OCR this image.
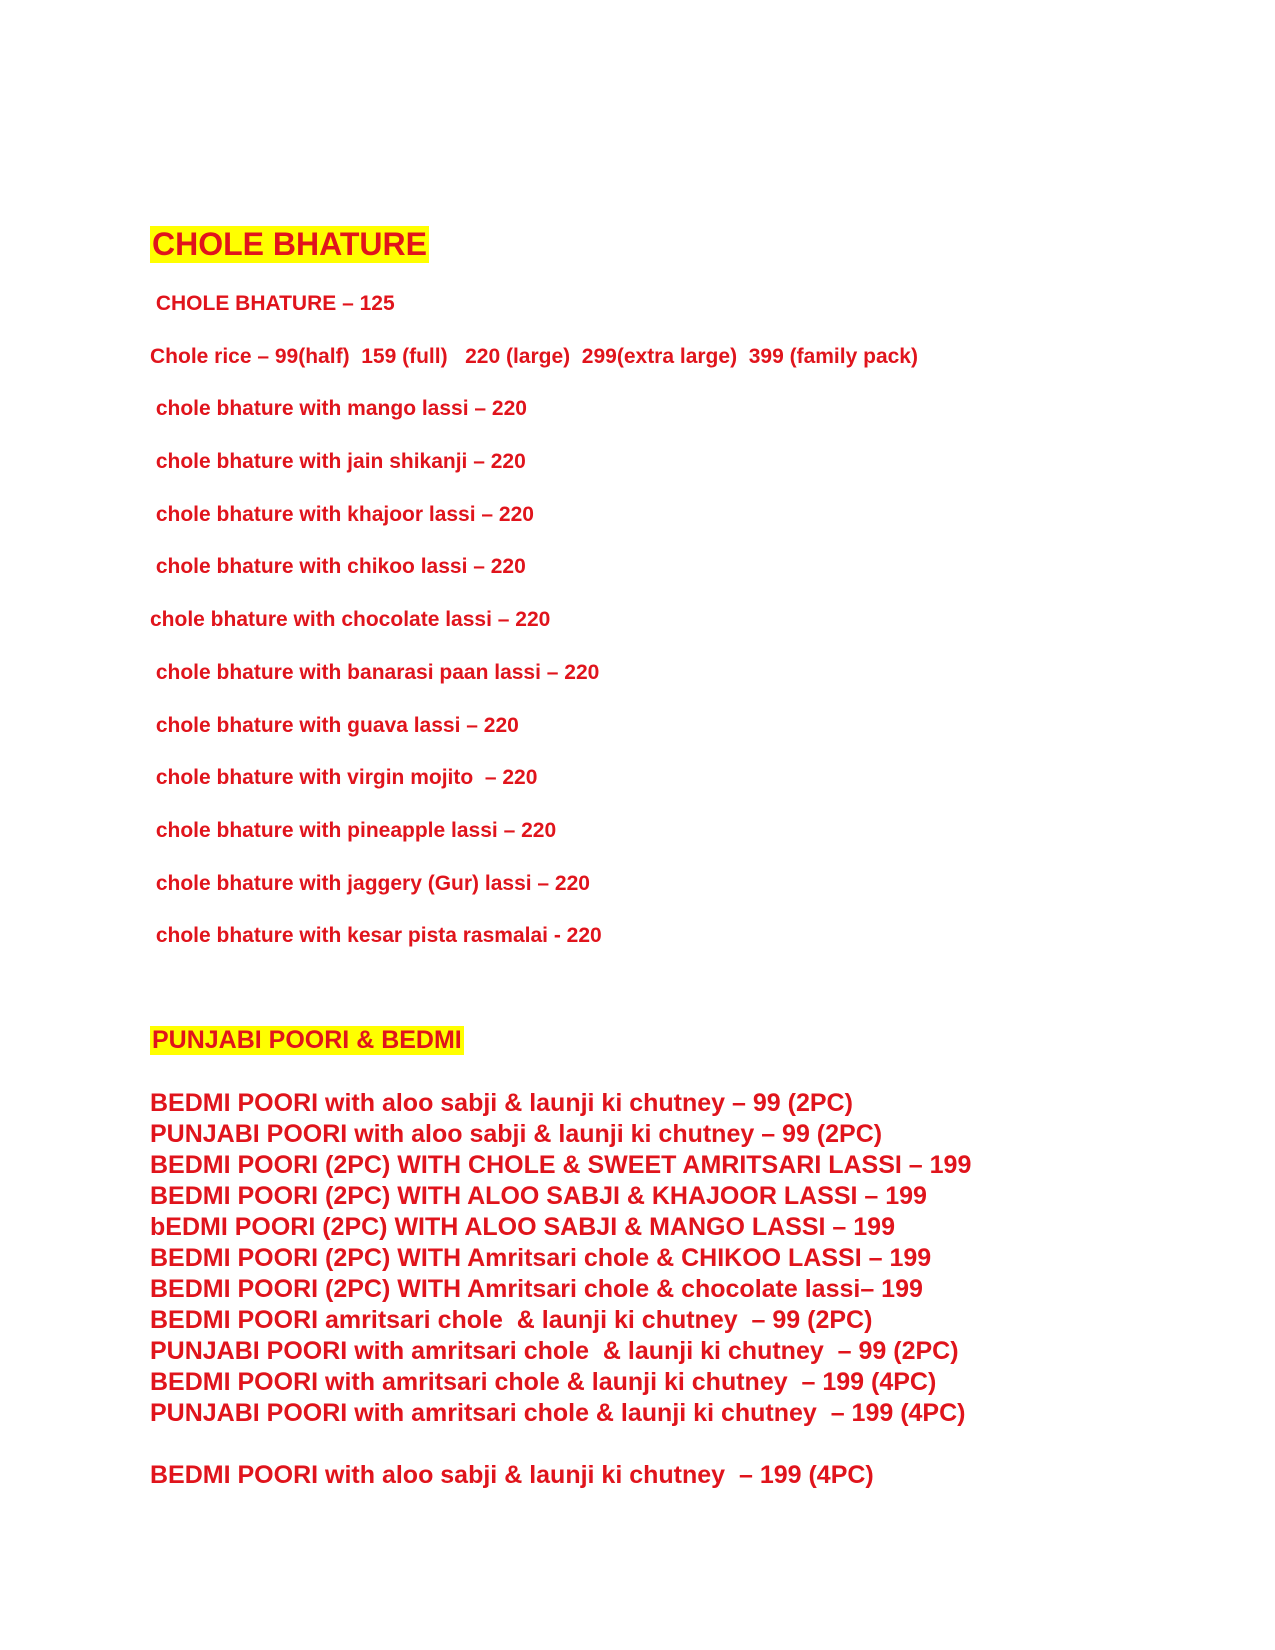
CHOLE BHATURE
CHOLE BHATURE – 125
Chole rice – 99(half)  159 (full)   220 (large)  299(extra large)  399 (family pack)
chole bhature with mango lassi – 220
chole bhature with jain shikanji – 220
chole bhature with khajoor lassi – 220
chole bhature with chikoo lassi – 220
chole bhature with chocolate lassi – 220
chole bhature with banarasi paan lassi – 220
chole bhature with guava lassi – 220
chole bhature with virgin mojito  – 220
chole bhature with pineapple lassi – 220
chole bhature with jaggery (Gur) lassi – 220
chole bhature with kesar pista rasmalai - 220
PUNJABI POORI & BEDMI
BEDMI POORI with aloo sabji & launji ki chutney – 99 (2PC)
PUNJABI POORI with aloo sabji & launji ki chutney – 99 (2PC)
BEDMI POORI (2PC) WITH CHOLE & SWEET AMRITSARI LASSI – 199
BEDMI POORI (2PC) WITH ALOO SABJI & KHAJOOR LASSI – 199
bEDMI POORI (2PC) WITH ALOO SABJI & MANGO LASSI – 199
BEDMI POORI (2PC) WITH Amritsari chole & CHIKOO LASSI – 199
BEDMI POORI (2PC) WITH Amritsari chole & chocolate lassi– 199
BEDMI POORI amritsari chole  & launji ki chutney  – 99 (2PC)
PUNJABI POORI with amritsari chole  & launji ki chutney  – 99 (2PC)
BEDMI POORI with amritsari chole & launji ki chutney  – 199 (4PC)
PUNJABI POORI with amritsari chole & launji ki chutney  – 199 (4PC)
BEDMI POORI with aloo sabji & launji ki chutney  – 199 (4PC)
